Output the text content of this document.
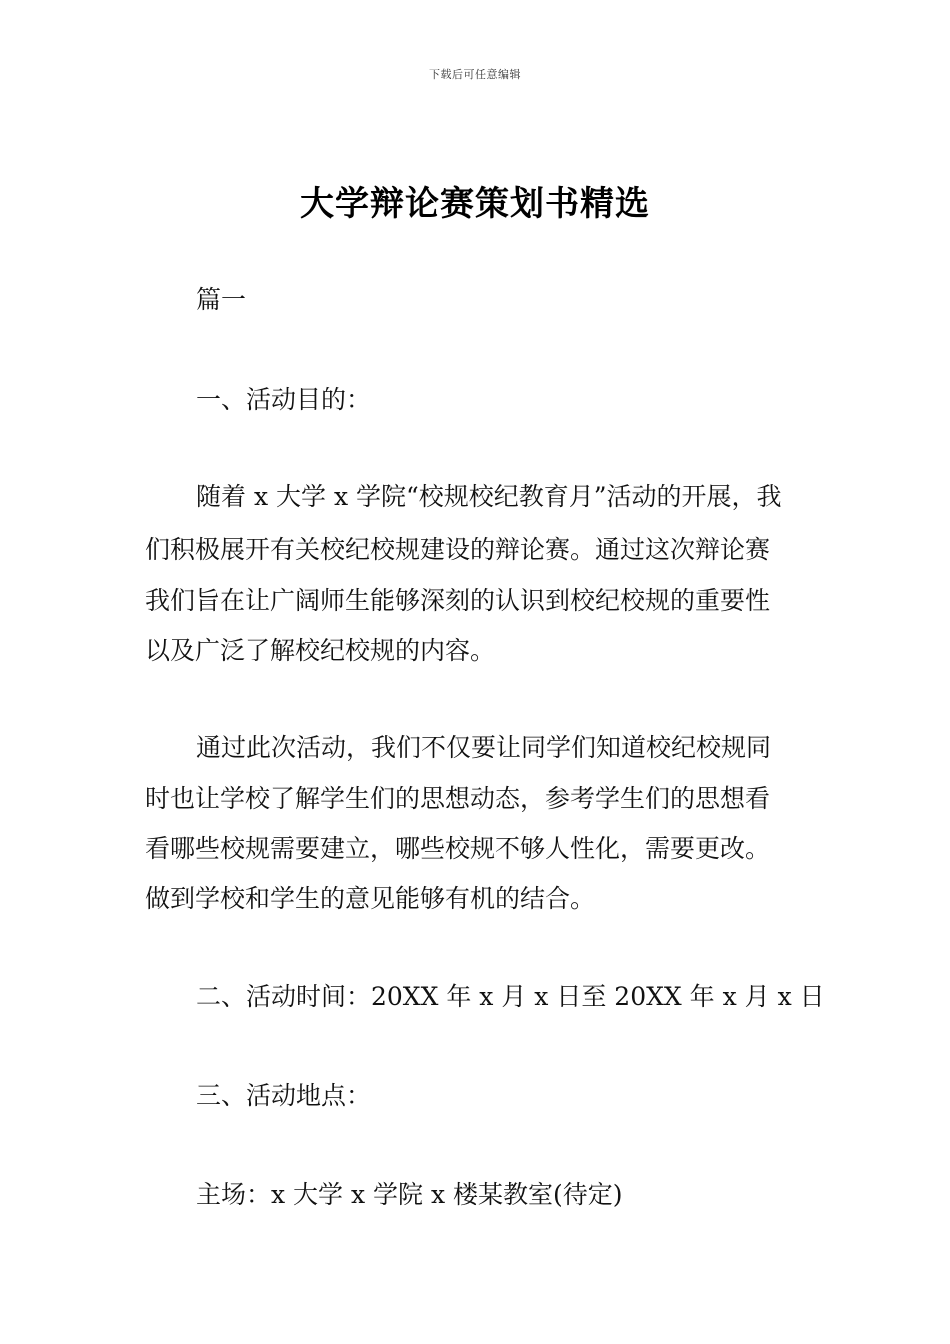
下载后可任意编辑
大学辩论赛策划书精选
篇一
一、活动目的：
随着 x 大学 x 学院“校规校纪教育月”活动的开展，我
们积极展开有关校纪校规建设的辩论赛。通过这次辩论赛
我们旨在让广阔师生能够深刻的认识到校纪校规的重要性
以及广泛了解校纪校规的内容。
通过此次活动，我们不仅要让同学们知道校纪校规同
时也让学校了解学生们的思想动态，参考学生们的思想看
看哪些校规需要建立，哪些校规不够人性化，需要更改。
做到学校和学生的意见能够有机的结合。
二、活动时间：20XX 年 x 月 x 日至 20XX 年 x 月 x 日
三、活动地点：
主场：x 大学 x 学院 x 楼某教室(待定)
